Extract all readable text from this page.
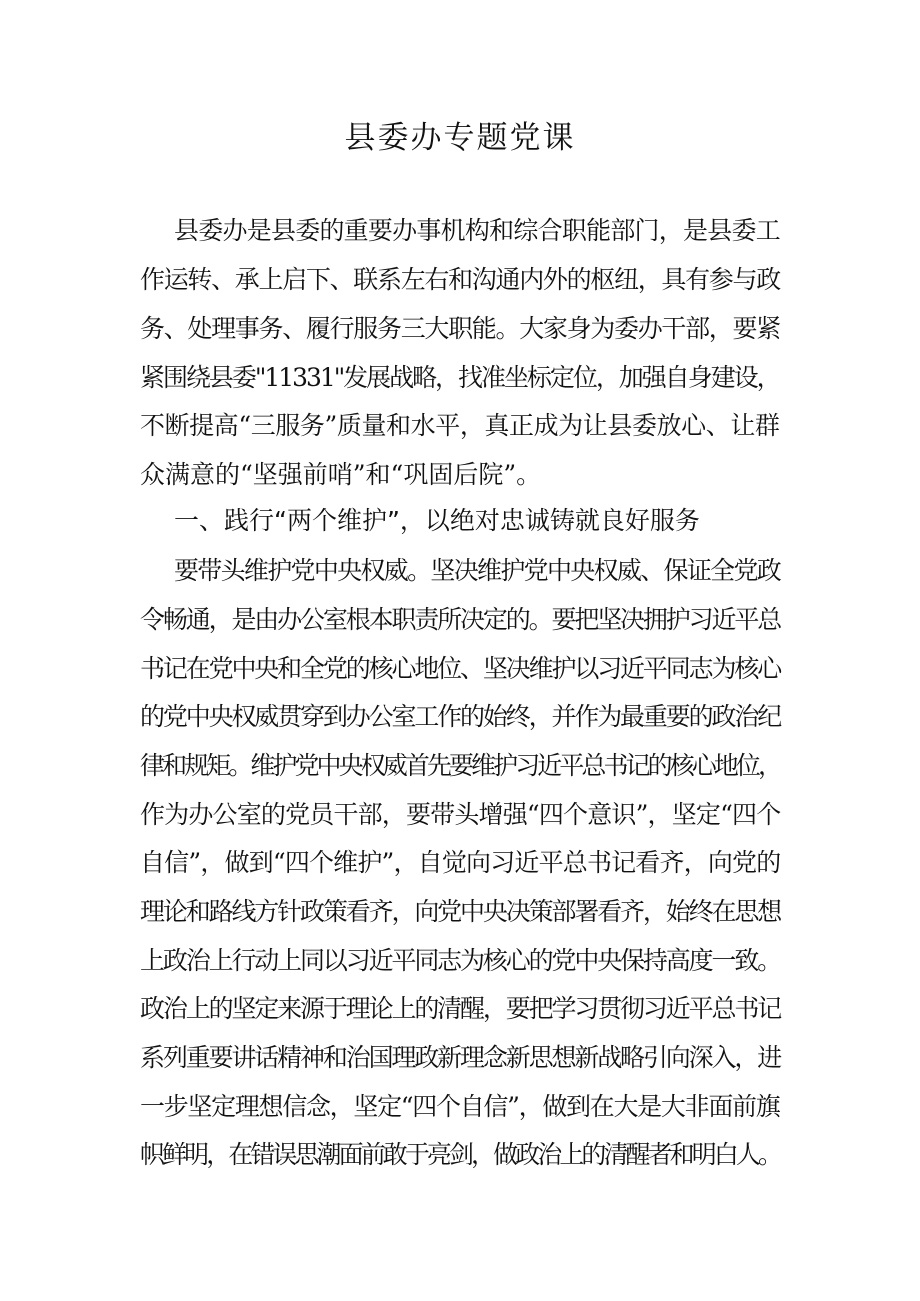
县委办专题党课
县委办是县委的重要办事机构和综合职能部门，是县委工
作运转、承上启下、联系左右和沟通内外的枢纽，具有参与政
务、处理事务、履行服务三大职能。大家身为委办干部，要紧
紧围绕县委"11331"发展战略，找准坐标定位，加强自身建设，
不断提高“三服务”质量和水平，真正成为让县委放心、让群
众满意的“坚强前哨”和“巩固后院”。
一、践行“两个维护”，以绝对忠诚铸就良好服务
要带头维护党中央权威。坚决维护党中央权威、保证全党政
令畅通，是由办公室根本职责所决定的。要把坚决拥护习近平总
书记在党中央和全党的核心地位、坚决维护以习近平同志为核心
的党中央权威贯穿到办公室工作的始终，并作为最重要的政治纪
律和规矩。维护党中央权威首先要维护习近平总书记的核心地位，
作为办公室的党员干部，要带头增强“四个意识”，坚定“四个
自信”，做到“四个维护”，自觉向习近平总书记看齐，向党的
理论和路线方针政策看齐，向党中央决策部署看齐，始终在思想
上政治上行动上同以习近平同志为核心的党中央保持高度一致。
政治上的坚定来源于理论上的清醒，要把学习贯彻习近平总书记
系列重要讲话精神和治国理政新理念新思想新战略引向深入，进
一步坚定理想信念，坚定“四个自信”，做到在大是大非面前旗
帜鲜明，在错误思潮面前敢于亮剑，做政治上的清醒者和明白人。
